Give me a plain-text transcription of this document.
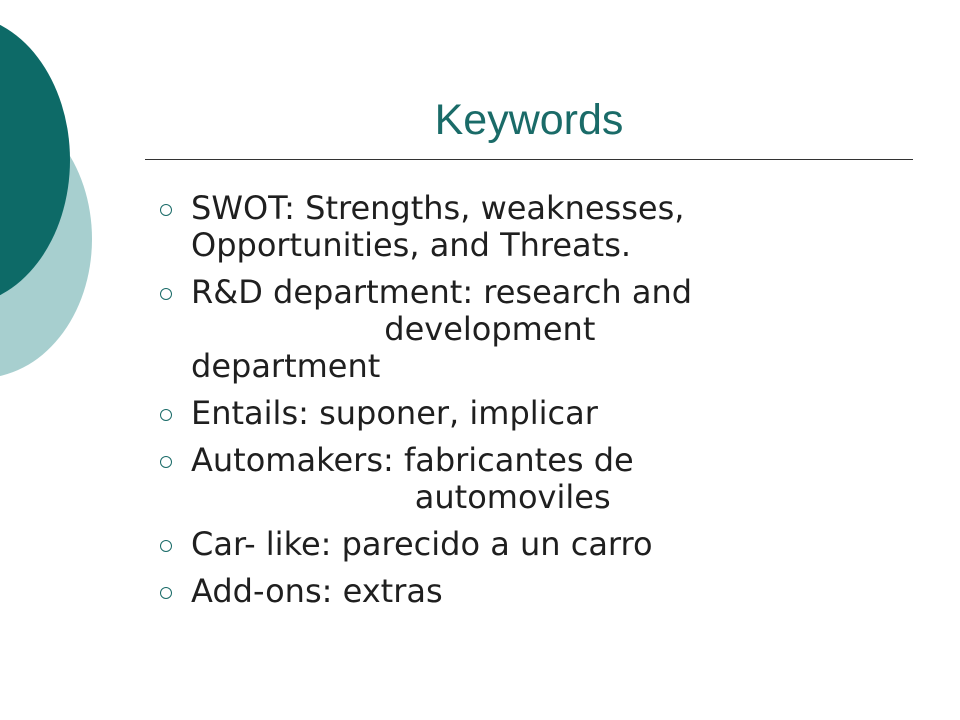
Keywords
SWOT: Strengths, weaknesses,
Opportunities, and Threats.
R&D department: research and
development
department
Entails: suponer, implicar
Automakers: fabricantes de
automoviles
Car- like: parecido a un carro
Add-ons: extras
